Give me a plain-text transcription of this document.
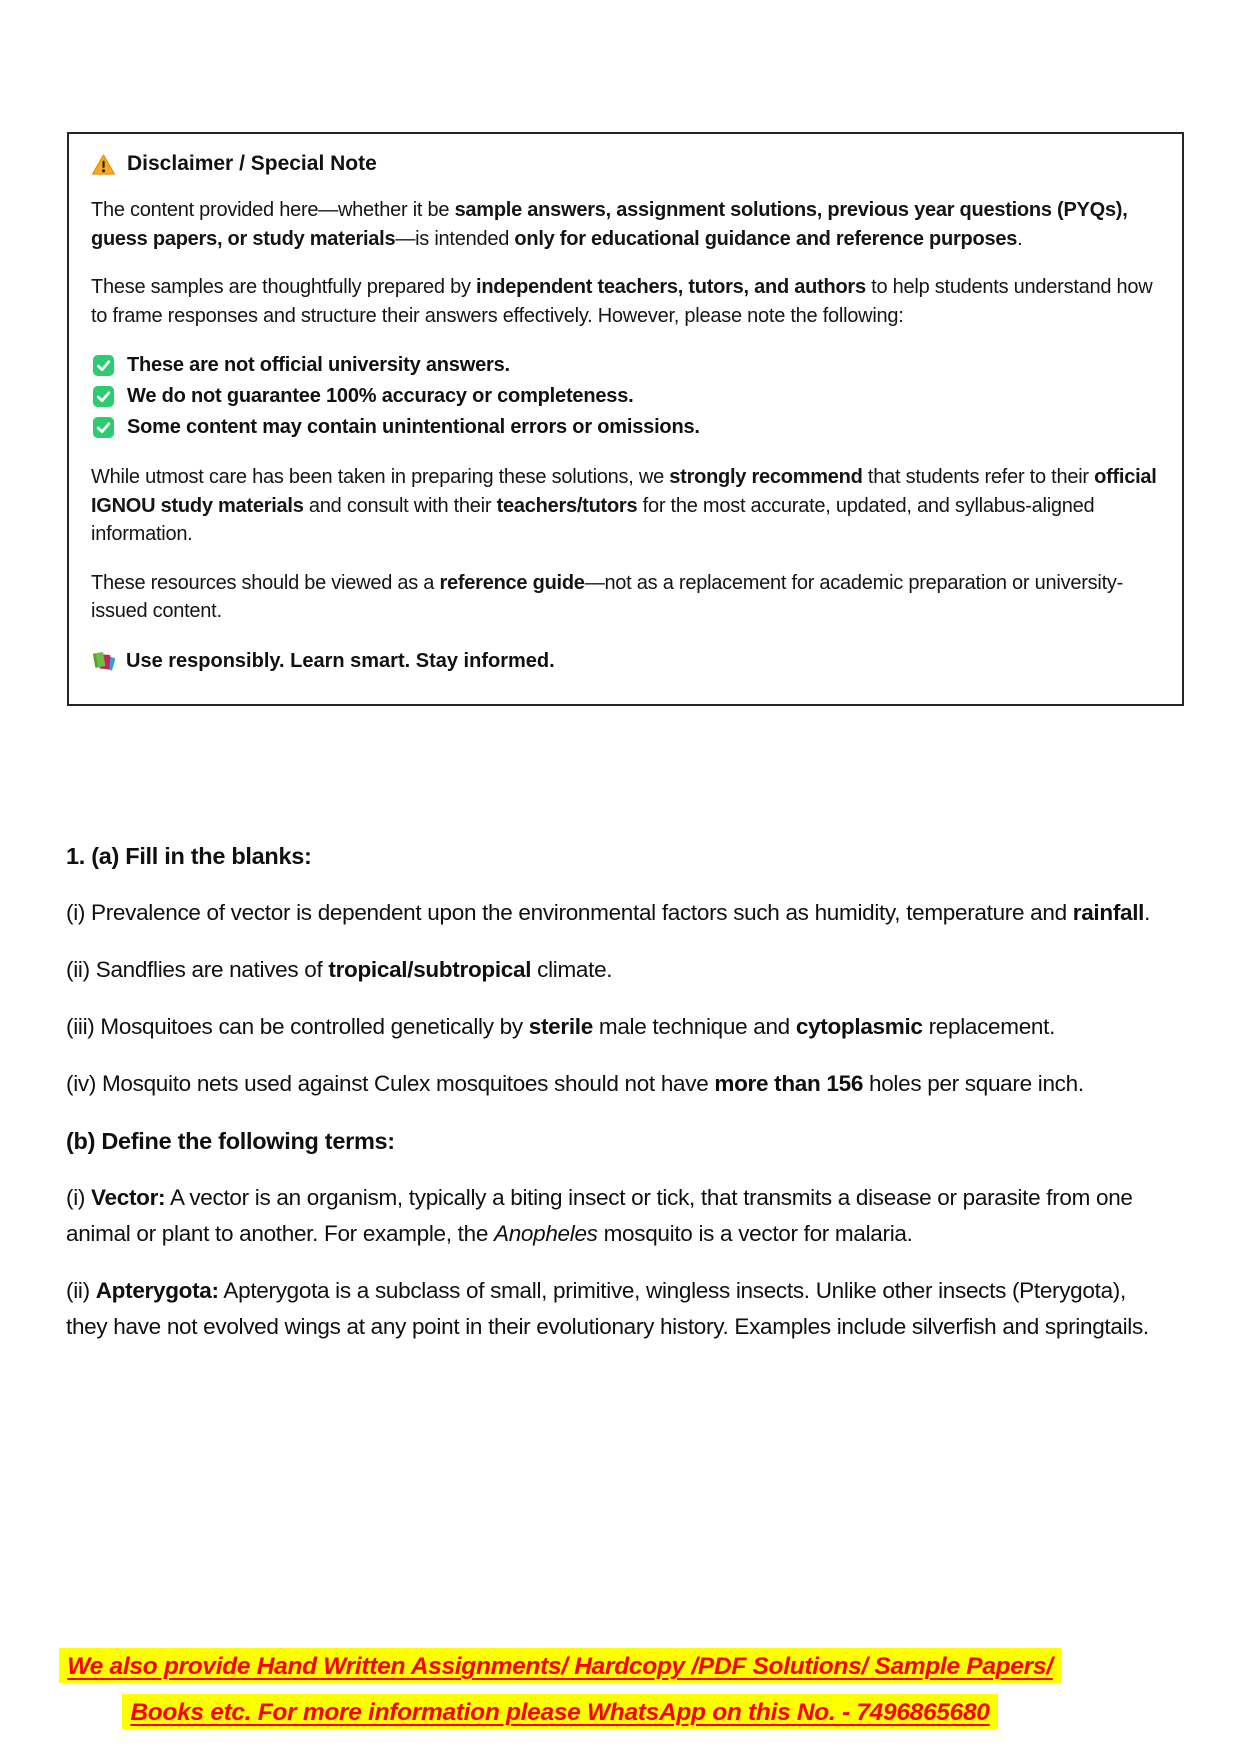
Disclaimer / Special Note

The content provided here—whether it be sample answers, assignment solutions, previous year questions (PYQs), guess papers, or study materials—is intended only for educational guidance and reference purposes.

These samples are thoughtfully prepared by independent teachers, tutors, and authors to help students understand how to frame responses and structure their answers effectively. However, please note the following:

These are not official university answers.
We do not guarantee 100% accuracy or completeness.
Some content may contain unintentional errors or omissions.

While utmost care has been taken in preparing these solutions, we strongly recommend that students refer to their official IGNOU study materials and consult with their teachers/tutors for the most accurate, updated, and syllabus-aligned information.

These resources should be viewed as a reference guide—not as a replacement for academic preparation or university-issued content.

Use responsibly. Learn smart. Stay informed.

1. (a) Fill in the blanks:

(i) Prevalence of vector is dependent upon the environmental factors such as humidity, temperature and rainfall.

(ii) Sandflies are natives of tropical/subtropical climate.

(iii) Mosquitoes can be controlled genetically by sterile male technique and cytoplasmic replacement.

(iv) Mosquito nets used against Culex mosquitoes should not have more than 156 holes per square inch.

(b) Define the following terms:

(i) Vector: A vector is an organism, typically a biting insect or tick, that transmits a disease or parasite from one animal or plant to another. For example, the Anopheles mosquito is a vector for malaria.

(ii) Apterygota: Apterygota is a subclass of small, primitive, wingless insects. Unlike other insects (Pterygota), they have not evolved wings at any point in their evolutionary history. Examples include silverfish and springtails.

We also provide Hand Written Assignments/ Hardcopy /PDF Solutions/ Sample Papers/
Books etc. For more information please WhatsApp on this No. - 7496865680
